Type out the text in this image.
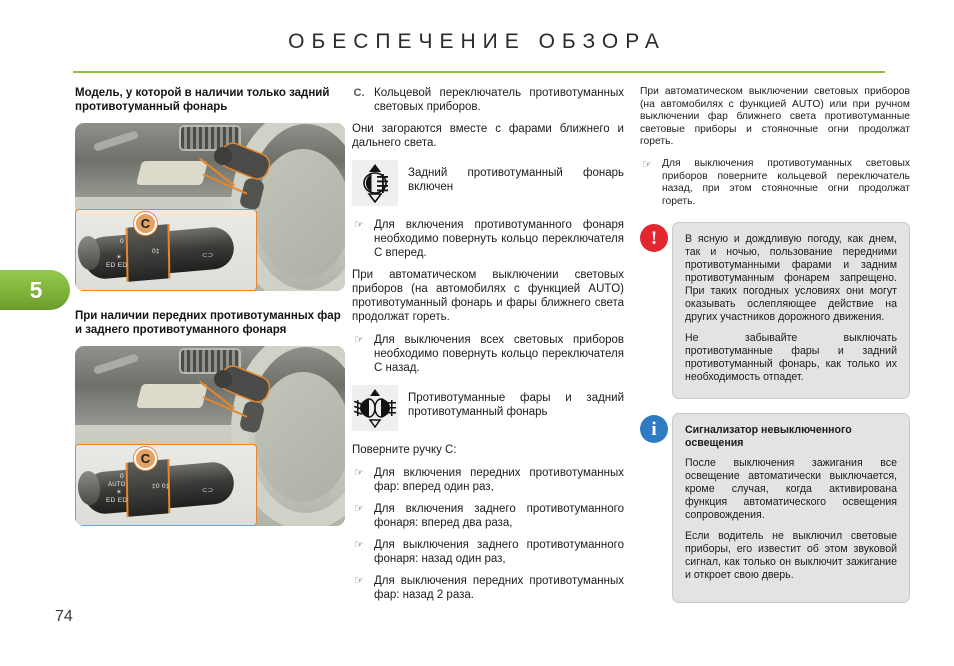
ОБЕСПЕЧЕНИЕ ОБЗОРА
5
Модель, у которой в наличии только задний противотуманный фонарь
0
☀
ED ED
0‡
⊂⊃
C
При наличии передних противотуманных фар и заднего противотуманного фонаря
0
AUTO
☀
ED ED
‡0 0‡
⊂⊃
C
C. Кольцевой переключатель противотуманных световых приборов.
Они загораются вместе с фарами ближнего и дальнего света.
Задний противотуманный фонарь включен
☞ Для включения противотуманного фонаря необходимо повернуть кольцо переключателя C вперед.
При автоматическом выключении световых приборов (на автомобилях с функцией AUTO) противотуманный фонарь и фары ближнего света продолжат гореть.
☞ Для выключения всех световых приборов необходимо повернуть кольцо переключателя C назад.
Противотуманные фары и задний противотуманный фонарь
Поверните ручку C:
☞ Для включения передних противотуманных фар: вперед один раз,
☞ Для включения заднего противотуманного фонаря: вперед два раза,
☞ Для выключения заднего противотуманного фонаря: назад один раз,
☞ Для выключения передних противотуманных фар: назад 2 раза.
При автоматическом выключении световых приборов (на автомобилях с функцией AUTO) или при ручном выключении фар ближнего света противотуманные световые приборы и стояночные огни продолжат гореть.
☞ Для выключения противотуманных световых приборов поверните кольцевой переключатель назад, при этом стояночные огни продолжат гореть.
!	В ясную и дождливую погоду, как днем, так и ночью, пользование передними противотуманными фарами и задним противотуманным фонарем запрещено. При таких погодных условиях они могут оказывать ослепляющее действие на других участников дорожного движения.
Не забывайте выключать противотуманные фары и задний противотуманный фонарь, как только их необходимость отпадет.
i	Сигнализатор невыключенного освещения
После выключения зажигания все освещение автоматически выключается, кроме случая, когда активирована функция автоматического освещения сопровождения.
Если водитель не выключил световые приборы, его известит об этом звуковой сигнал, как только он выключит зажигание и откроет свою дверь.
74
